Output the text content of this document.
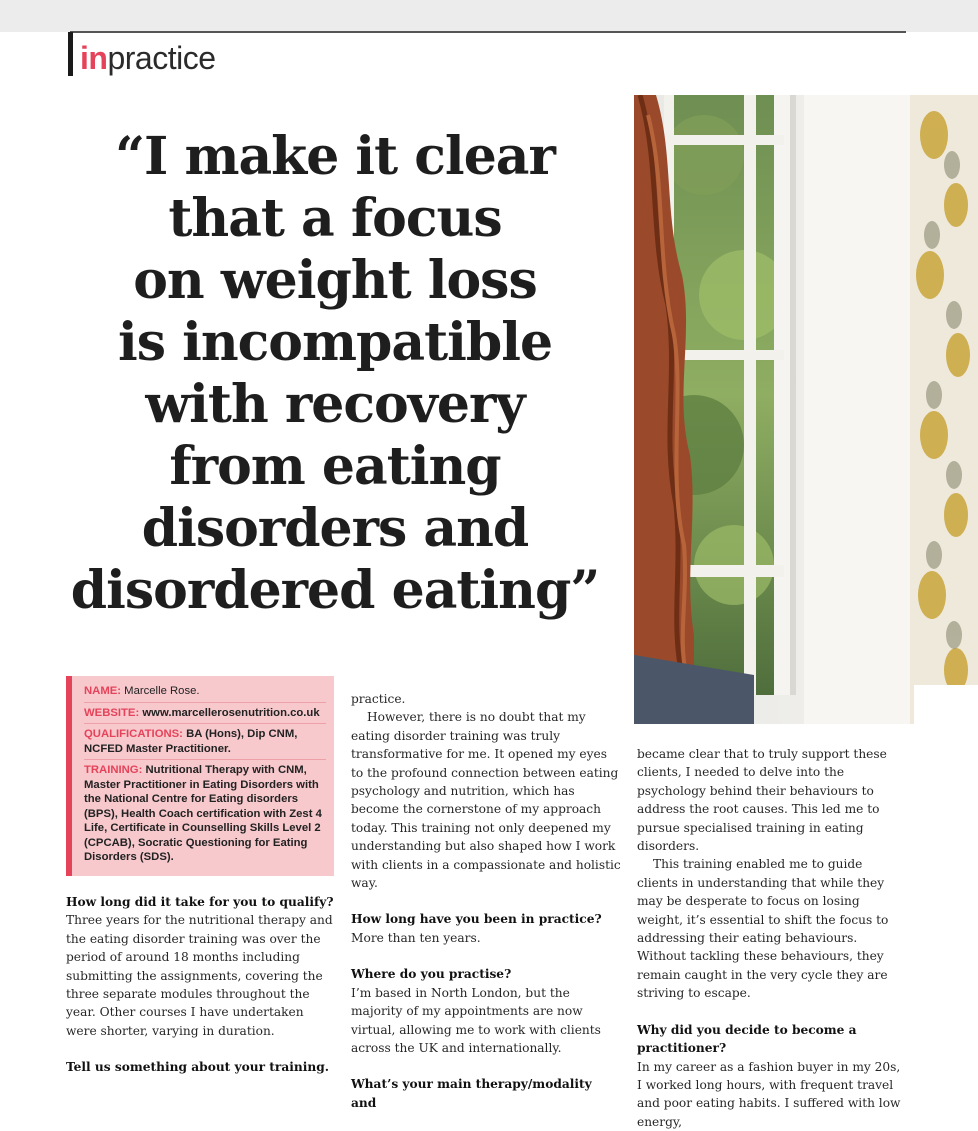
inpractice
“I make it clear
that a focus
on weight loss
is incompatible
with recovery
from eating
disorders and
disordered eating”

NAME: Marcelle Rose.

WEBSITE: www.marcellerosenutrition.co.uk

QUALIFICATIONS: BA (Hons), Dip CNM, NCFED Master Practitioner.

TRAINING: Nutritional Therapy with CNM, Master Practitioner in Eating Disorders with the National Centre for Eating disorders (BPS), Health Coach certification with Zest 4 Life, Certificate in Counselling Skills Level 2 (CPCAB), Socratic Questioning for Eating Disorders (SDS).

How long did it take for you to qualify?

Three years for the nutritional therapy and the eating disorder training was over the period of around 18 months including submitting the assignments, covering the three separate modules throughout the year. Other courses I have undertaken were shorter, varying in duration.

Tell us something about your training.

practice.

However, there is no doubt that my eating disorder training was truly transformative for me. It opened my eyes to the profound connection between eating psychology and nutrition, which has become the cornerstone of my approach today. This training not only deepened my understanding but also shaped how I work with clients in a compassionate and holistic way.

How long have you been in practice?

More than ten years.

Where do you practise?

I’m based in North London, but the majority of my appointments are now virtual, allowing me to work with clients across the UK and internationally.

What’s your main therapy/modality and

became clear that to truly support these clients, I needed to delve into the psychology behind their behaviours to address the root causes. This led me to pursue specialised training in eating disorders.

This training enabled me to guide clients in understanding that while they may be desperate to focus on losing weight, it’s essential to shift the focus to addressing their eating behaviours. Without tackling these behaviours, they remain caught in the very cycle they are striving to escape.

Why did you decide to become a practitioner?

In my career as a fashion buyer in my 20s, I worked long hours, with frequent travel and poor eating habits. I suffered with low energy,
